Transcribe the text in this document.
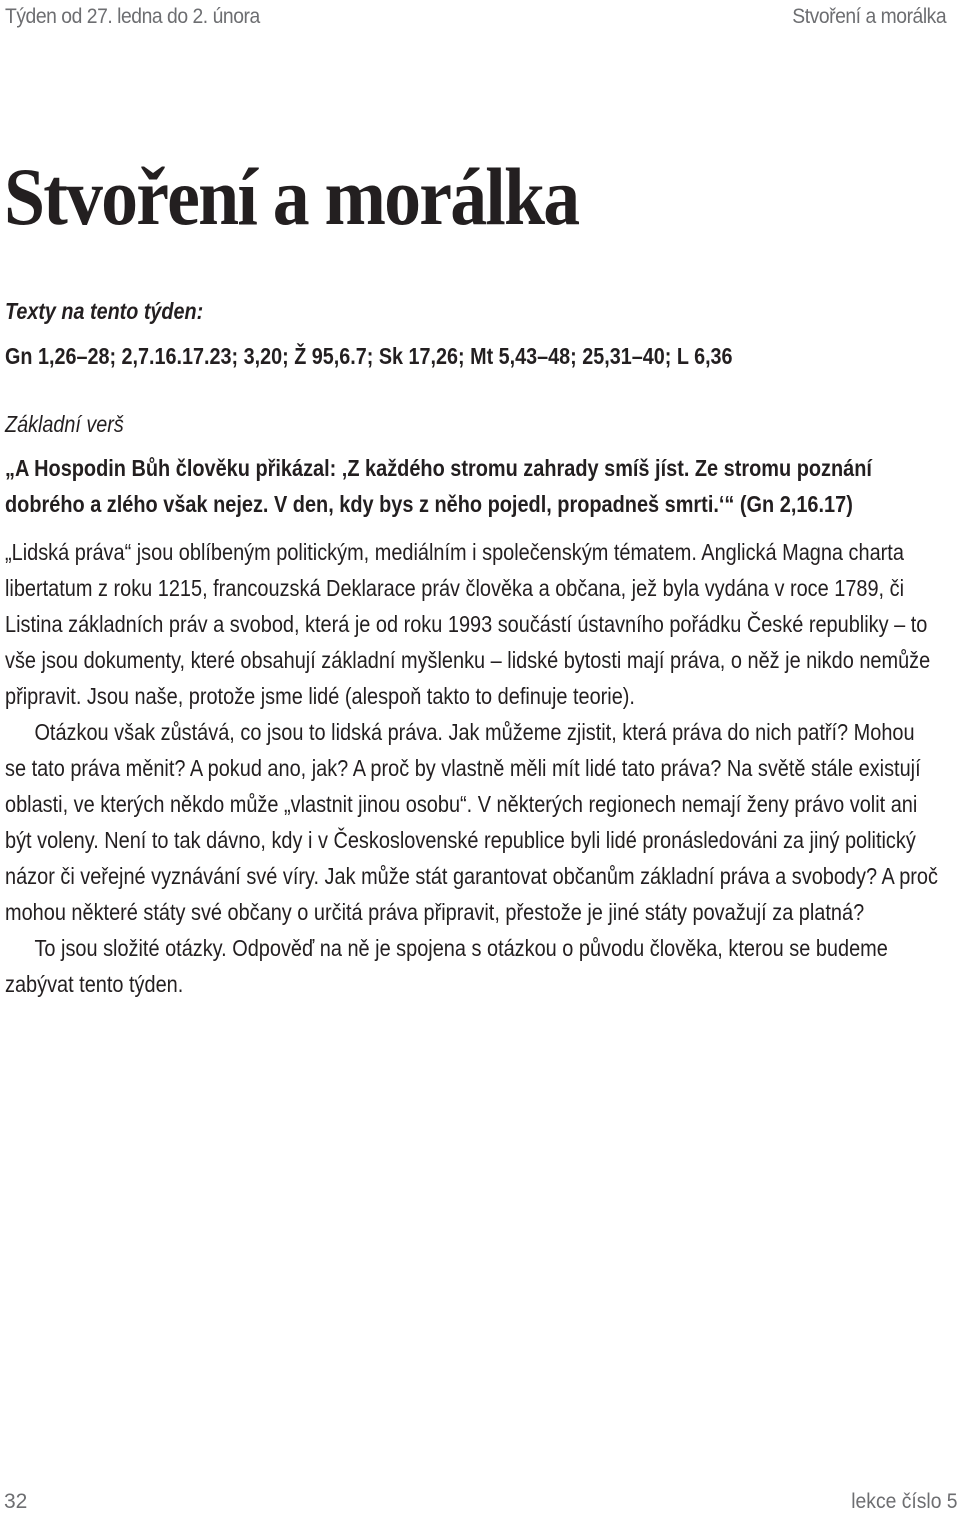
Týden od 27. ledna do 2. února	Stvoření a morálka
Stvoření a morálka

Texty na tento týden:

Gn 1,26–28; 2,7.16.17.23; 3,20; Ž 95,6.7; Sk 17,26; Mt 5,43–48; 25,31–40; L 6,36

Základní verš

„A Hospodin Bůh člověku přikázal: ‚Z každého stromu zahrady smíš jíst. Ze stromu poznání
dobrého a zlého však nejez. V den, kdy bys z něho pojedl, propadneš smrti.‘“ (Gn 2,16.17)
„Lidská práva“ jsou oblíbeným politickým, mediálním i společenským tématem. Anglická Magna charta
libertatum z roku 1215, francouzská Deklarace práv člověka a občana, jež byla vydána v roce 1789, či
Listina základních práv a svobod, která je od roku 1993 součástí ústavního pořádku České republiky – to
vše jsou dokumenty, které obsahují základní myšlenku – lidské bytosti mají práva, o něž je nikdo nemůže
připravit. Jsou naše, protože jsme lidé (alespoň takto to definuje teorie).
Otázkou však zůstává, co jsou to lidská práva. Jak můžeme zjistit, která práva do nich patří? Mohou
se tato práva měnit? A pokud ano, jak? A proč by vlastně měli mít lidé tato práva? Na světě stále existují
oblasti, ve kterých někdo může „vlastnit jinou osobu“. V některých regionech nemají ženy právo volit ani
být voleny. Není to tak dávno, kdy i v Československé republice byli lidé pronásledováni za jiný politický
názor či veřejné vyznávání své víry. Jak může stát garantovat občanům základní práva a svobody? A proč
mohou některé státy své občany o určitá práva připravit, přestože je jiné státy považují za platná?
To jsou složité otázky. Odpověď na ně je spojena s otázkou o původu člověka, kterou se budeme
zabývat tento týden.
32	lekce číslo 5
